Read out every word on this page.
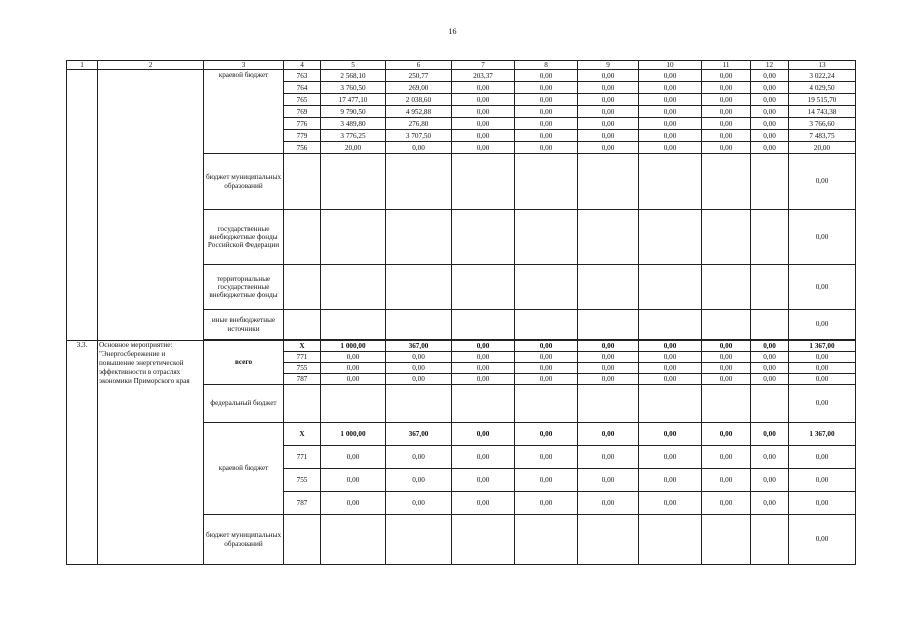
16
1	2	3	4	5	6	7	8	9	10	11	12	13
		краевой бюджет	763	2 568,10	250,77	203,37	0,00	0,00	0,00	0,00	0,00	3 022,24
			764	3 760,50	269,00	0,00	0,00	0,00	0,00	0,00	0,00	4 029,50
			765	17 477,10	2 038,60	0,00	0,00	0,00	0,00	0,00	0,00	19 515,70
			769	9 790,50	4 952,88	0,00	0,00	0,00	0,00	0,00	0,00	14 743,38
			776	3 489,80	276,80	0,00	0,00	0,00	0,00	0,00	0,00	3 766,60
			779	3 776,25	3 707,50	0,00	0,00	0,00	0,00	0,00	0,00	7 483,75
			756	20,00	0,00	0,00	0,00	0,00	0,00	0,00	0,00	20,00
		бюджет муниципальных образований										0,00
		государственные внебюджетные фонды Российской Федерации										0,00
		территориальные государственные внебюджетные фонды										0,00
		иные внебюджетные источники										0,00

3.3.	Основное мероприятие: "Энергосбережение и повышение энергетической эффективности в отраслях экономики Приморского края	всего	X	1 000,00	367,00	0,00	0,00	0,00	0,00	0,00	0,00	1 367,00
			771	0,00	0,00	0,00	0,00	0,00	0,00	0,00	0,00	0,00
			755	0,00	0,00	0,00	0,00	0,00	0,00	0,00	0,00	0,00
			787	0,00	0,00	0,00	0,00	0,00	0,00	0,00	0,00	0,00
		федеральный бюджет										0,00
		краевой бюджет	X	1 000,00	367,00	0,00	0,00	0,00	0,00	0,00	0,00	1 367,00
			771	0,00	0,00	0,00	0,00	0,00	0,00	0,00	0,00	0,00
			755	0,00	0,00	0,00	0,00	0,00	0,00	0,00	0,00	0,00
			787	0,00	0,00	0,00	0,00	0,00	0,00	0,00	0,00	0,00
		бюджет муниципальных образований										0,00
